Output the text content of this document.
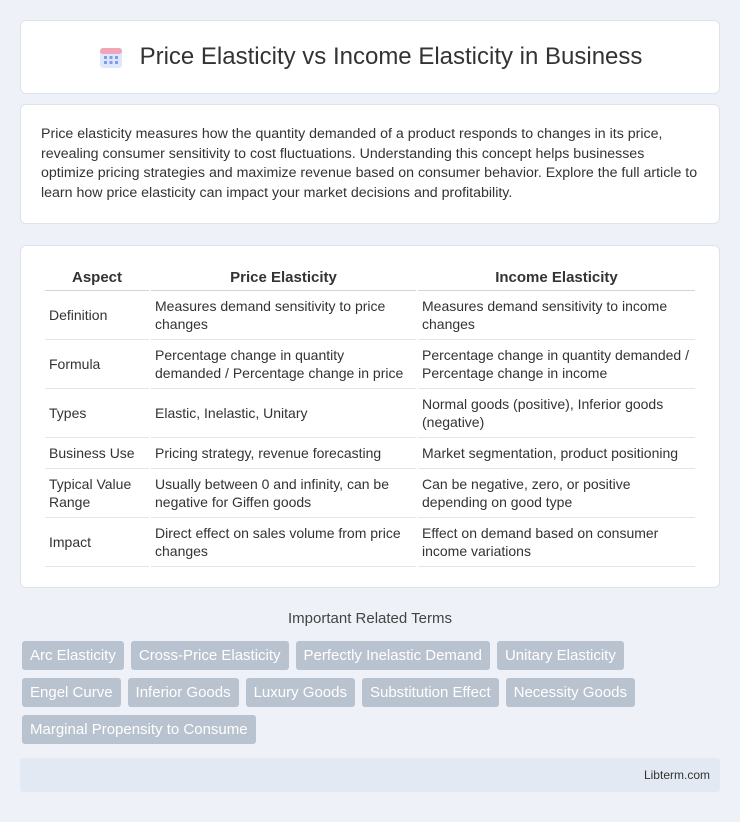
Price Elasticity vs Income Elasticity in Business
Price elasticity measures how the quantity demanded of a product responds to changes in its price, revealing consumer sensitivity to cost fluctuations. Understanding this concept helps businesses optimize pricing strategies and maximize revenue based on consumer behavior. Explore the full article to learn how price elasticity can impact your market decisions and profitability.
Aspect	Price Elasticity	Income Elasticity
Definition	Measures demand sensitivity to price changes	Measures demand sensitivity to income changes
Formula	Percentage change in quantity demanded / Percentage change in price	Percentage change in quantity demanded / Percentage change in income
Types	Elastic, Inelastic, Unitary	Normal goods (positive), Inferior goods (negative)
Business Use	Pricing strategy, revenue forecasting	Market segmentation, product positioning
Typical Value Range	Usually between 0 and infinity, can be negative for Giffen goods	Can be negative, zero, or positive depending on good type
Impact	Direct effect on sales volume from price changes	Effect on demand based on consumer income variations
Important Related Terms
Arc Elasticity	Cross-Price Elasticity	Perfectly Inelastic Demand	Unitary Elasticity
Engel Curve	Inferior Goods	Luxury Goods	Substitution Effect	Necessity Goods
Marginal Propensity to Consume
Libterm.com
